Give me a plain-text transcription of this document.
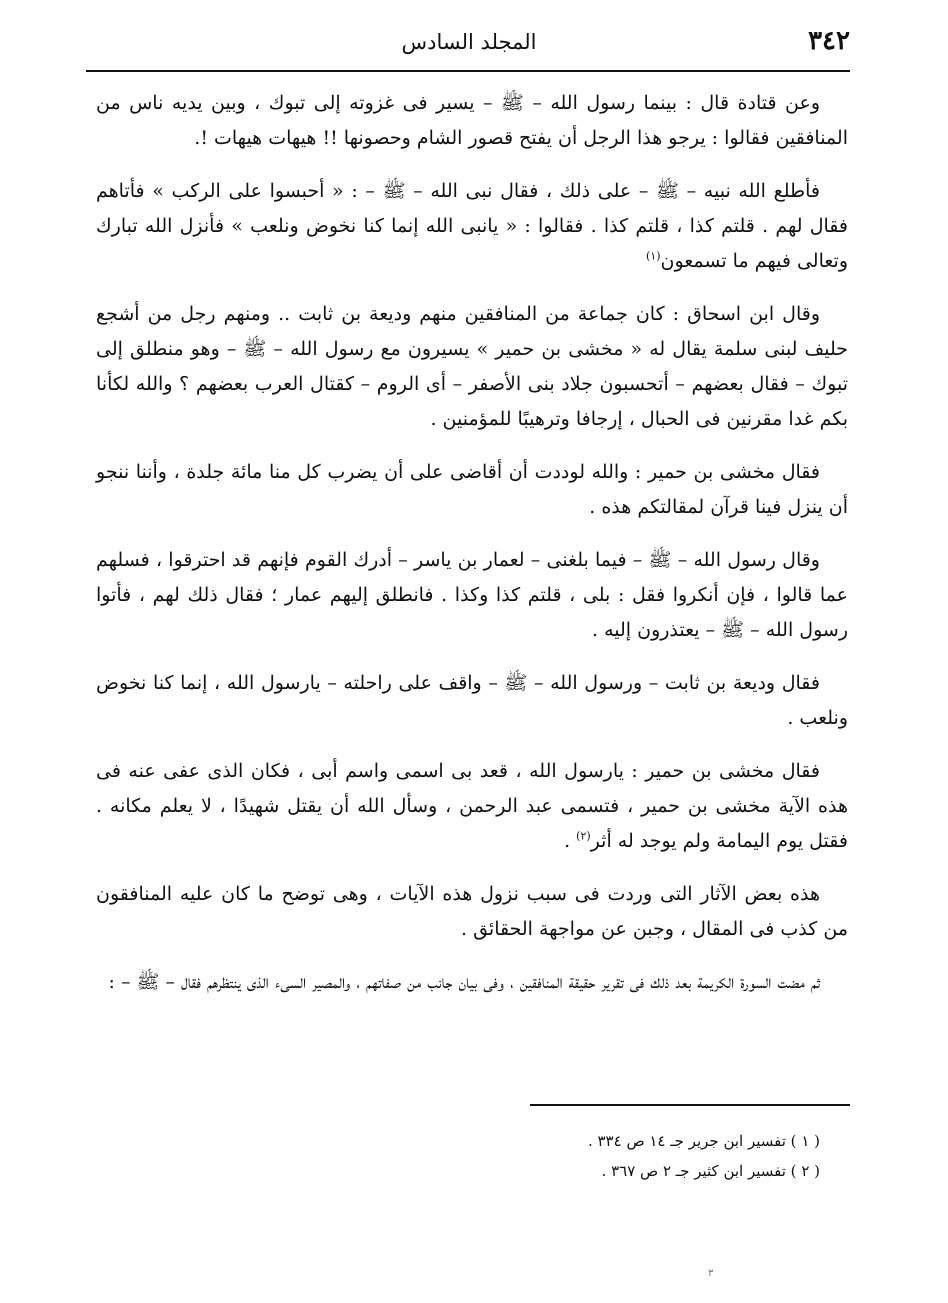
٣٤٢
المجلد السادس

وعن قتادة قال : بينما رسول الله – ﷺ – يسير فى غزوته إلى تبوك ، وبين يديه ناس من المنافقين فقالوا : يرجو هذا الرجل أن يفتح قصور الشام وحصونها !! هيهات هيهات !.

فأطلع الله نبيه – ﷺ – على ذلك ، فقال نبى الله – ﷺ – : « أحبسوا على الركب » فأتاهم فقال لهم . قلتم كذا ، قلتم كذا . فقالوا : « يانبى الله إنما كنا نخوض ونلعب » فأنزل الله تبارك وتعالى فيهم ما تسمعون$^{(١)}$

وقال ابن اسحاق : كان جماعة من المنافقين منهم وديعة بن ثابت .. ومنهم رجل من أشجع حليف لبنى سلمة يقال له « مخشى بن حمير » يسيرون مع رسول الله – ﷺ – وهو منطلق إلى تبوك – فقال بعضهم – أتحسبون جلاد بنى الأصفر – أى الروم – كقتال العرب بعضهم ؟ والله لكأنا بكم غدا مقرنين فى الحبال ، إرجافا وترهيبًا للمؤمنين .

فقال مخشى بن حمير : والله لوددت أن أقاضى على أن يضرب كل منا مائة جلدة ، وأننا ننجو أن ينزل فينا قرآن لمقالتكم هذه .

وقال رسول الله – ﷺ – فيما بلغنى – لعمار بن ياسر – أدرك القوم فإنهم قد احترقوا ، فسلهم عما قالوا ، فإن أنكروا فقل : بلى ، قلتم كذا وكذا . فانطلق إليهم عمار ؛ فقال ذلك لهم ، فأتوا رسول الله – ﷺ – يعتذرون إليه .

فقال وديعة بن ثابت – ورسول الله – ﷺ – واقف على راحلته – يارسول الله ، إنما كنا نخوض ونلعب .

فقال مخشى بن حمير : يارسول الله ، قعد بى اسمى واسم أبى ، فكان الذى عفى عنه فى هذه الآية مخشى بن حمير ، فتسمى عبد الرحمن ، وسأل الله أن يقتل شهيدًا ، لا يعلم مكانه . فقتل يوم اليمامة ولم يوجد له أثر$^{(٢)}$ .

هذه بعض الآثار التى وردت فى سبب نزول هذه الآيات ، وهى توضح ما كان عليه المنافقون من كذب فى المقال ، وجبن عن مواجهة الحقائق .

ثم مضت السورة الكريمة بعد ذلك فى تقرير حقيقة المنافقين ، وفى بيان جانب من صفاتهم ، والمصير السىء الذى ينتظرهم فقال – ﷺ – :

( ١ ) تفسير ابن جرير جـ ١٤ ص ٣٣٤ .

( ٢ ) تفسير ابن كثير جـ ٢ ص ٣٦٧ .

٣
